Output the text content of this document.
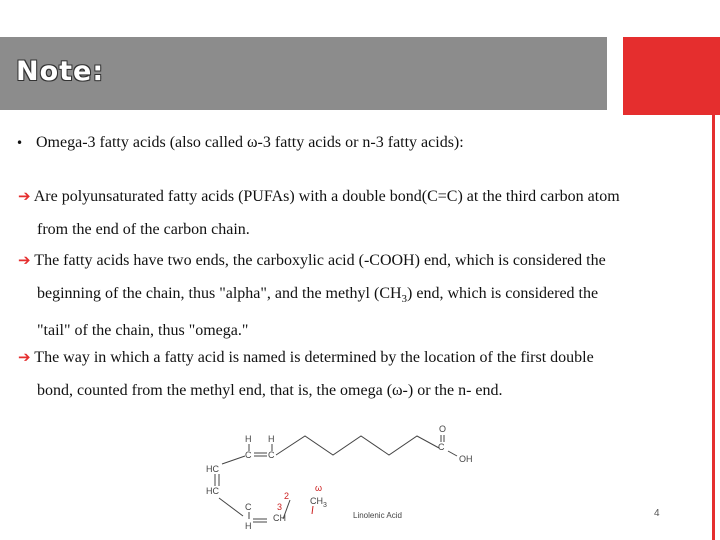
Note:
• Omega-3 fatty acids (also called ω-3 fatty acids or n-3 fatty acids):
➔ Are polyunsaturated fatty acids (PUFAs) with a double bond(C=C) at the third carbon atom
from the end of the carbon chain.
➔ The fatty acids have two ends, the carboxylic acid (-COOH) end, which is considered the
beginning of the chain, thus "alpha", and the methyl $(CH_3)$ end, which is considered the
"tail" of the chain, thus "omega."
➔ The way in which a fatty acid is named is determined by the location of the first double
bond, counted from the methyl end, that is, the omega (ω-) or the n- end.
H H
C C
HC
HC
O
C
OH
C
H
CH
$CH_3$
Linolenic Acid
ω
2
3
4
